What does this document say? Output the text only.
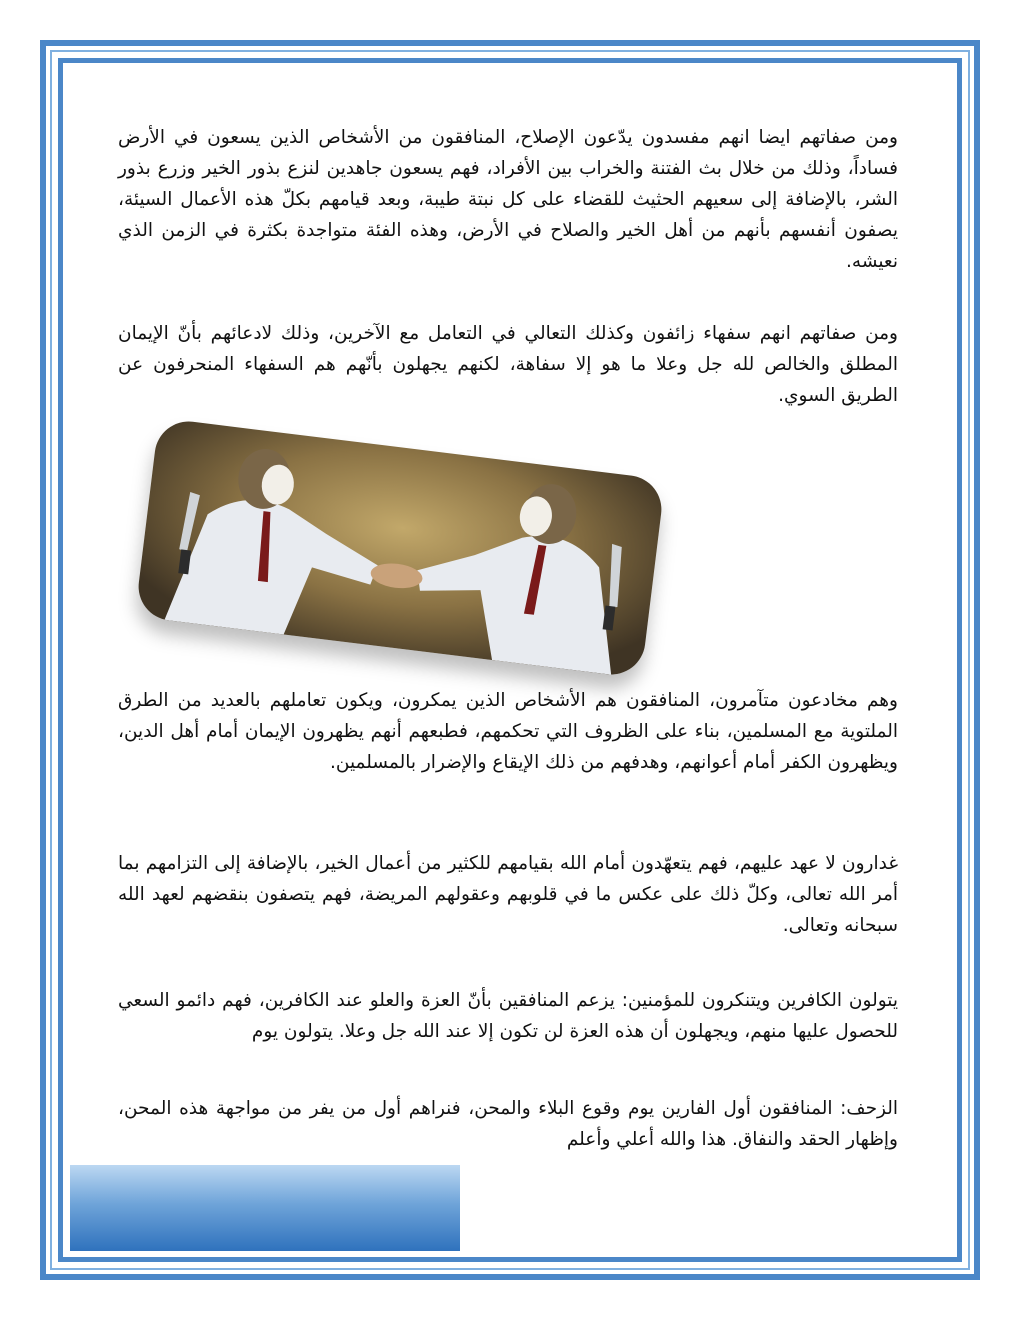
ومن صفاتهم ايضا انهم مفسدون يدّعون الإصلاح، المنافقون من الأشخاص الذين يسعون في الأرض فساداً، وذلك من خلال بث الفتنة والخراب بين الأفراد، فهم يسعون جاهدين لنزع بذور الخير وزرع بذور الشر، بالإضافة إلى سعيهم الحثيث للقضاء على كل نبتة طيبة، وبعد قيامهم بكلّ هذه الأعمال السيئة، يصفون أنفسهم بأنهم من أهل الخير والصلاح في الأرض، وهذه الفئة متواجدة بكثرة في الزمن الذي نعيشه.

ومن صفاتهم انهم سفهاء زائفون وكذلك التعالي في التعامل مع الآخرين، وذلك لادعائهم بأنّ الإيمان المطلق والخالص لله جل وعلا ما هو إلا سفاهة، لكنهم يجهلون بأنّهم هم السفهاء المنحرفون عن الطريق السوي.

وهم مخادعون متآمرون، المنافقون هم الأشخاص الذين يمكرون، ويكون تعاملهم بالعديد من الطرق الملتوية مع المسلمين، بناء على الظروف التي تحكمهم، فطبعهم أنهم يظهرون الإيمان أمام أهل الدين، ويظهرون الكفر أمام أعوانهم، وهدفهم من ذلك الإيقاع والإضرار بالمسلمين.

غدارون لا عهد عليهم، فهم يتعهّدون أمام الله بقيامهم للكثير من أعمال الخير، بالإضافة إلى التزامهم بما أمر الله تعالى، وكلّ ذلك على عكس ما في قلوبهم وعقولهم المريضة، فهم يتصفون بنقضهم لعهد الله سبحانه وتعالى.

يتولون الكافرين ويتنكرون للمؤمنين: يزعم المنافقين بأنّ العزة والعلو عند الكافرين، فهم دائمو السعي للحصول عليها منهم، ويجهلون أن هذه العزة لن تكون إلا عند الله جل وعلا. يتولون يوم

الزحف: المنافقون أول الفارين يوم وقوع البلاء والمحن، فنراهم أول من يفر من مواجهة هذه المحن، وإظهار الحقد والنفاق. هذا والله أعلي وأعلم
